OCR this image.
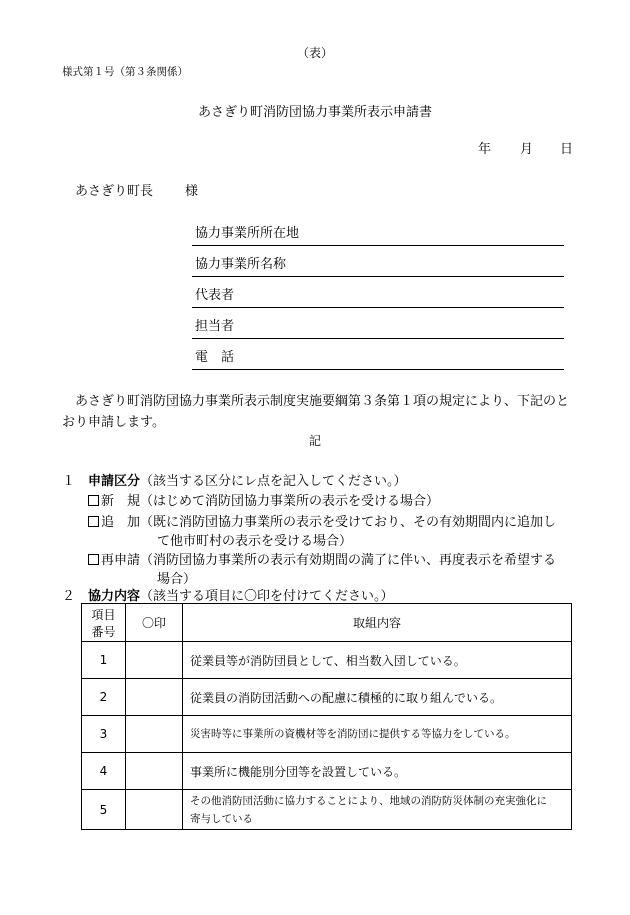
（表）
様式第１号（第３条関係）
あさぎり町消防団協力事業所表示申請書
年 月 日
あさぎり町長 様
協力事業所所在地
協力事業所名称
代表者
担当者
電　話
　あさぎり町消防団協力事業所表示制度実施要綱第３条第１項の規定により、下記のとおり申請します。
記
１ 申請区分（該当する区分にレ点を記入してください。）
新　規（はじめて消防団協力事業所の表示を受ける場合）
追　加（既に消防団協力事業所の表示を受けており、その有効期間内に追加し
て他市町村の表示を受ける場合）
再申請（消防団協力事業所の表示有効期間の満了に伴い、再度表示を希望する
場合）
２ 協力内容（該当する項目に〇印を付けてください。）
項目
番号	〇印	取組内容
1		従業員等が消防団員として、相当数入団している。
2		従業員の消防団活動への配慮に積極的に取り組んでいる。
3		災害時等に事業所の資機材等を消防団に提供する等協力をしている。
4		事業所に機能別分団等を設置している。
5		その他消防団活動に協力することにより、地域の消防防災体制の充実強化に
寄与している
